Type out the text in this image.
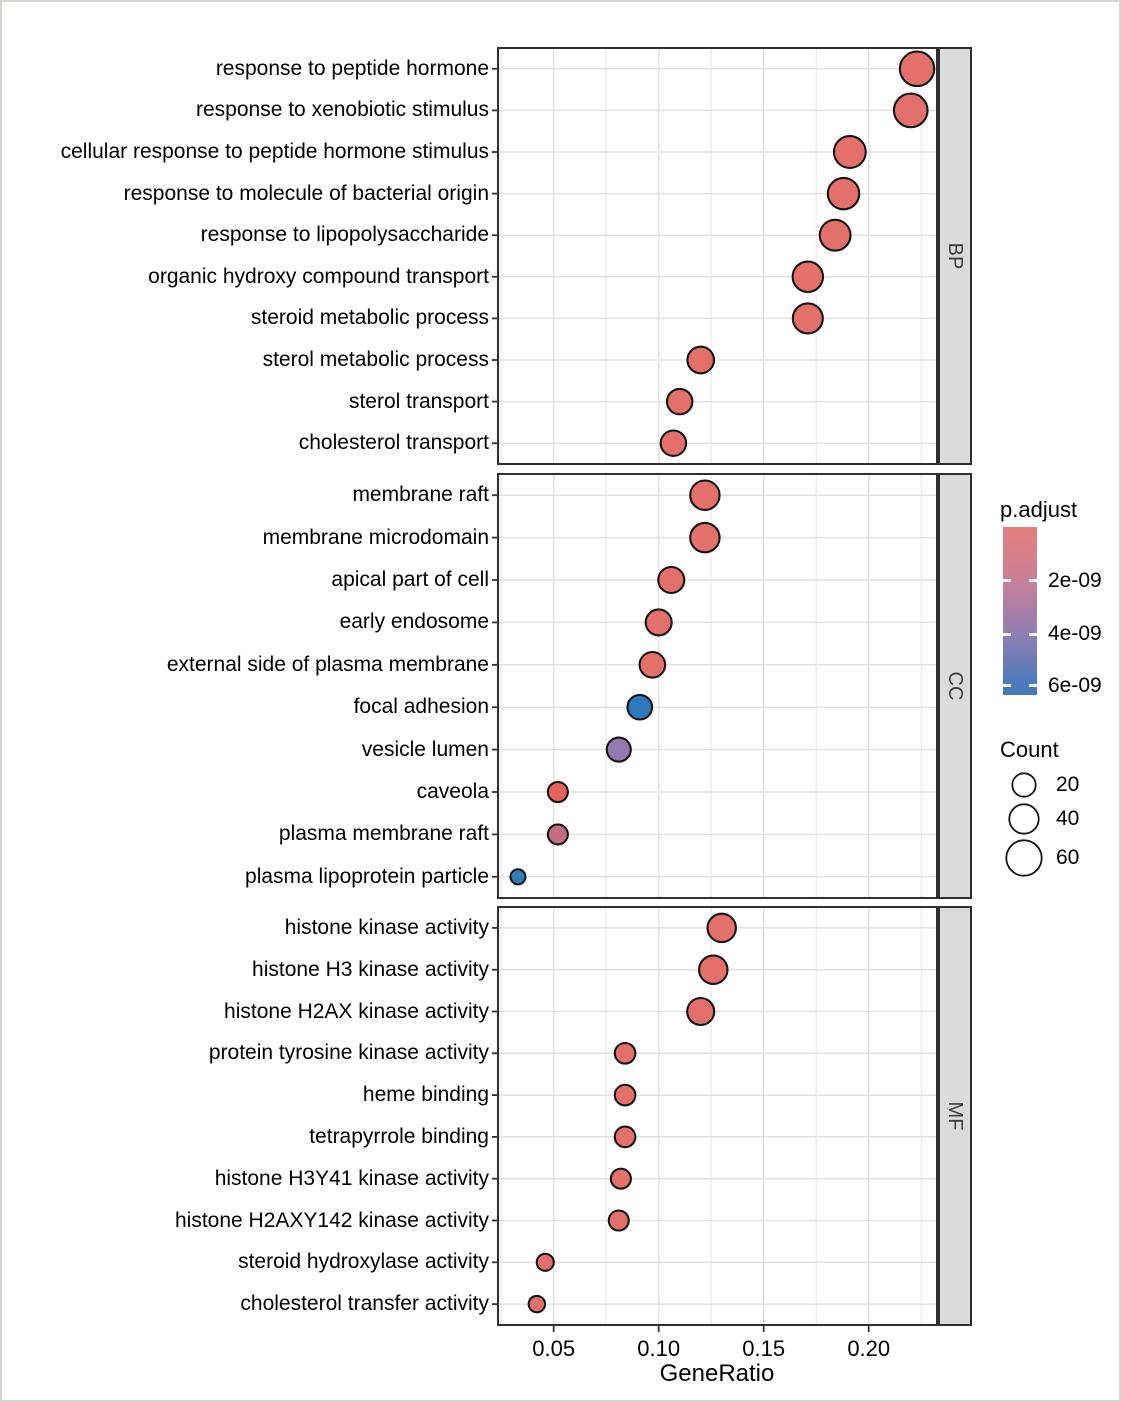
BP
CC
MF
response to peptide hormone
response to xenobiotic stimulus
cellular response to peptide hormone stimulus
response to molecule of bacterial origin
response to lipopolysaccharide
organic hydroxy compound transport
steroid metabolic process
sterol metabolic process
sterol transport
cholesterol transport
membrane raft
membrane microdomain
apical part of cell
early endosome
external side of plasma membrane
focal adhesion
vesicle lumen
caveola
plasma membrane raft
plasma lipoprotein particle
histone kinase activity
histone H3 kinase activity
histone H2AX kinase activity
protein tyrosine kinase activity
heme binding
tetrapyrrole binding
histone H3Y41 kinase activity
histone H2AXY142 kinase activity
steroid hydroxylase activity
cholesterol transfer activity
0.05	0.10	0.15	0.20
GeneRatio
p.adjust
2e-09
4e-09
6e-09
Count
20
40
60
